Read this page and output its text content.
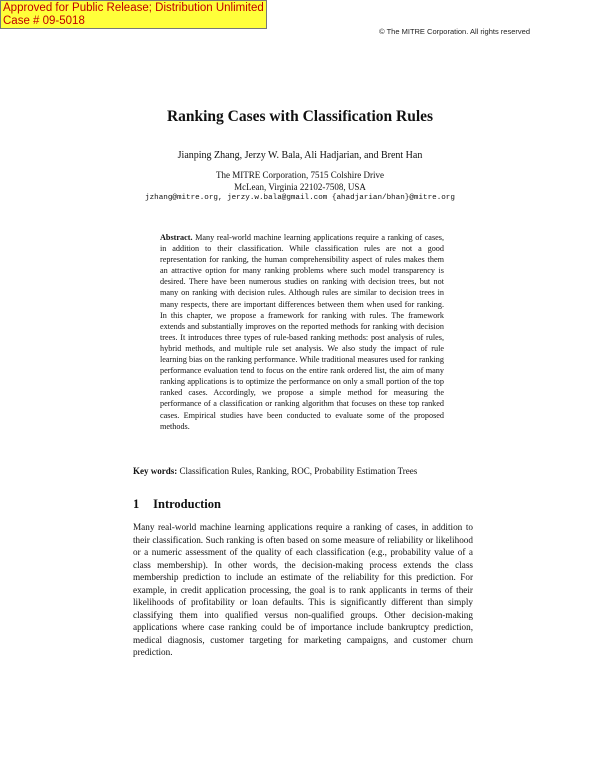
Approved for Public Release; Distribution Unlimited
Case # 09-5018
© The MITRE Corporation. All rights reserved
Ranking Cases with Classification Rules
Jianping Zhang, Jerzy W. Bala, Ali Hadjarian, and Brent Han
The MITRE Corporation, 7515 Colshire Drive
McLean, Virginia 22102-7508, USA
jzhang@mitre.org, jerzy.w.bala@gmail.com {ahadjarian/bhan}@mitre.org
Abstract. Many real-world machine learning applications require a ranking of cases, in addition to their classification. While classification rules are not a good representation for ranking, the human comprehensibility aspect of rules makes them an attractive option for many ranking problems where such model transparency is desired. There have been numerous studies on ranking with decision trees, but not many on ranking with decision rules. Although rules are similar to decision trees in many respects, there are important differences between them when used for ranking. In this chapter, we propose a framework for ranking with rules. The framework extends and substantially improves on the reported methods for ranking with decision trees. It introduces three types of rule-based ranking methods: post analysis of rules, hybrid methods, and multiple rule set analysis. We also study the impact of rule learning bias on the ranking performance. While traditional measures used for ranking performance evaluation tend to focus on the entire rank ordered list, the aim of many ranking applications is to optimize the performance on only a small portion of the top ranked cases. Accordingly, we propose a simple method for measuring the performance of a classification or ranking algorithm that focuses on these top ranked cases. Empirical studies have been conducted to evaluate some of the proposed methods.
Key words: Classification Rules, Ranking, ROC, Probability Estimation Trees
1 Introduction
Many real-world machine learning applications require a ranking of cases, in addition to their classification. Such ranking is often based on some measure of reliability or likelihood or a numeric assessment of the quality of each classification (e.g., probability value of a class membership). In other words, the decision-making process extends the class membership prediction to include an estimate of the reliability for this prediction. For example, in credit application processing, the goal is to rank applicants in terms of their likelihoods of profitability or loan defaults. This is significantly different than simply classifying them into qualified versus non-qualified groups. Other decision-making applications where case ranking could be of importance include bankruptcy prediction, medical diagnosis, customer targeting for marketing campaigns, and customer churn prediction.
